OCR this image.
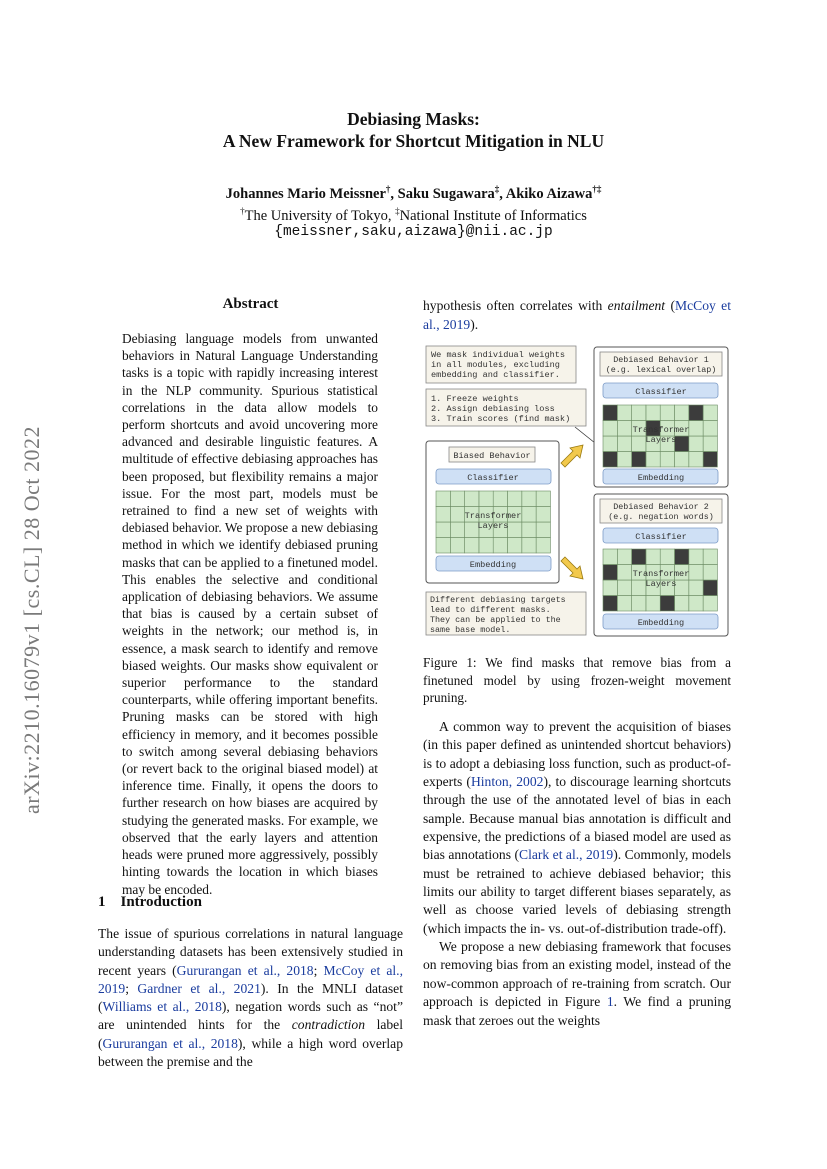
arXiv:2210.16079v1 [cs.CL] 28 Oct 2022
Debiasing Masks:
A New Framework for Shortcut Mitigation in NLU
Johannes Mario Meissner†, Saku Sugawara‡, Akiko Aizawa†‡
†The University of Tokyo, ‡National Institute of Informatics
{meissner,saku,aizawa}@nii.ac.jp
Abstract

Debiasing language models from unwanted behaviors in Natural Language Understanding tasks is a topic with rapidly increasing interest in the NLP community. Spurious statistical correlations in the data allow models to perform shortcuts and avoid uncovering more advanced and desirable linguistic features. A multitude of effective debiasing approaches has been proposed, but flexibility remains a major issue. For the most part, models must be retrained to find a new set of weights with debiased behavior. We propose a new debiasing method in which we identify debiased pruning masks that can be applied to a finetuned model. This enables the selective and conditional application of debiasing behaviors. We assume that bias is caused by a certain subset of weights in the network; our method is, in essence, a mask search to identify and remove biased weights. Our masks show equivalent or superior performance to the standard counterparts, while offering important benefits. Pruning masks can be stored with high efficiency in memory, and it becomes possible to switch among several debiasing behaviors (or revert back to the original biased model) at inference time. Finally, it opens the doors to further research on how biases are acquired by studying the generated masks. For example, we observed that the early layers and attention heads were pruned more aggressively, possibly hinting towards the location in which biases may be encoded.

1 Introduction

The issue of spurious correlations in natural language understanding datasets has been extensively studied in recent years (Gururangan et al., 2018; McCoy et al., 2019; Gardner et al., 2021). In the MNLI dataset (Williams et al., 2018), negation words such as “not” are unintended hints for the contradiction label (Gururangan et al., 2018), while a high word overlap between the premise and the

hypothesis often correlates with entailment (McCoy et al., 2019).

We mask individual weights
in all modules, excluding
embedding and classifier.
1. Freeze weights
2. Assign debiasing loss
3. Train scores (find mask)
Biased Behavior
Classifier
Transformer
Layers
Embedding
Different debiasing targets
lead to different masks.
They can be applied to the
same base model.
Debiased Behavior 1
(e.g. lexical overlap)
Classifier
Transformer
Layers
Embedding
Debiased Behavior 2
(e.g. negation words)
Classifier
Transformer
Layers
Embedding

Figure 1: We find masks that remove bias from a finetuned model by using frozen-weight movement pruning.

A common way to prevent the acquisition of biases (in this paper defined as unintended shortcut behaviors) is to adopt a debiasing loss function, such as product-of-experts (Hinton, 2002), to discourage learning shortcuts through the use of the annotated level of bias in each sample. Because manual bias annotation is difficult and expensive, the predictions of a biased model are used as bias annotations (Clark et al., 2019). Commonly, models must be retrained to achieve debiased behavior; this limits our ability to target different biases separately, as well as choose varied levels of debiasing strength (which impacts the in- vs. out-of-distribution trade-off).

We propose a new debiasing framework that focuses on removing bias from an existing model, instead of the now-common approach of re-training from scratch. Our approach is depicted in Figure 1. We find a pruning mask that zeroes out the weights
